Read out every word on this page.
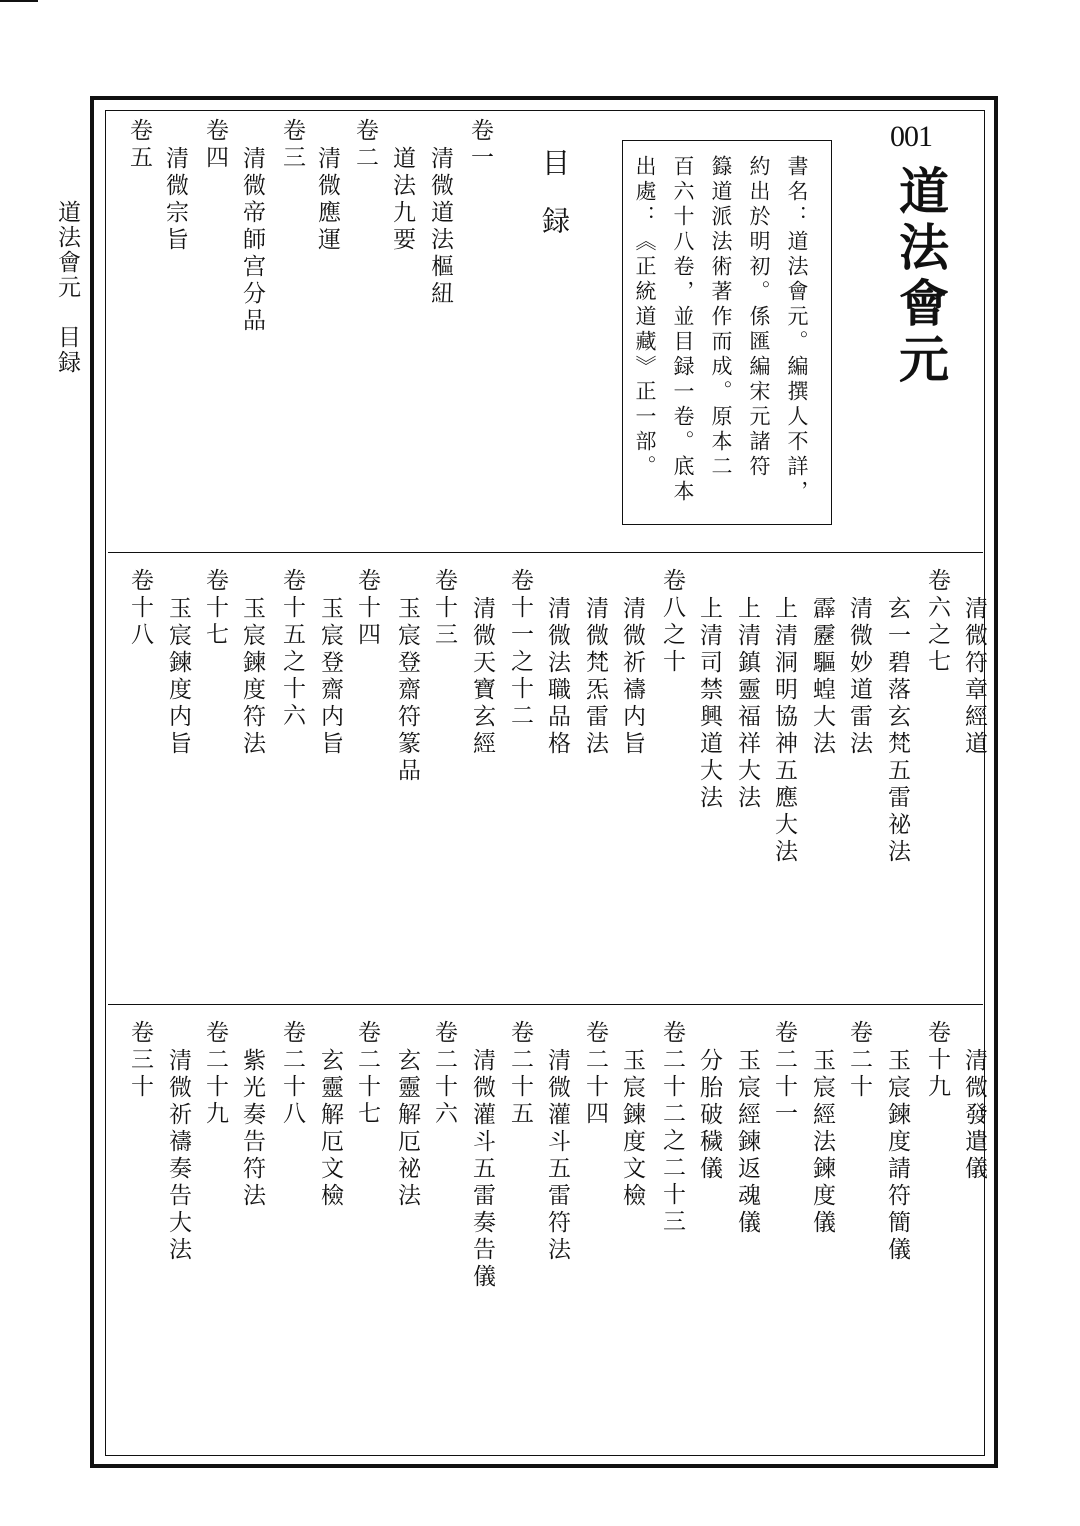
道法會元　目録
001
道法會元
書名：道法會元。編撰人不詳，
約出於明初。係匯編宋元諸符
籙道派法術著作而成。原本二
百六十八卷，並目録一卷。底本
出處：《正統道藏》正一部。
目録
卷一
清微道法樞紐
道法九要
卷二
清微應運
卷三
清微帝師宫分品
卷四
清微宗旨
卷五
清微符章經道
卷六之七
玄一碧落玄梵五雷祕法
清微妙道雷法
霹靂驅蝗大法
上清洞明協神五應大法
上清鎮靈福祥大法
上清司禁興道大法
卷八之十
清微祈禱内旨
清微梵炁雷法
清微法職品格
卷十一之十二
清微天寶玄經
卷十三
玉宸登齋符篆品
卷十四
玉宸登齋内旨
卷十五之十六
玉宸鍊度符法
卷十七
玉宸鍊度内旨
卷十八
清微發遣儀
卷十九
玉宸鍊度請符簡儀
卷二十
玉宸經法鍊度儀
卷二十一
玉宸經鍊返魂儀
分胎破穢儀
卷二十二之二十三
玉宸鍊度文檢
卷二十四
清微灌斗五雷符法
卷二十五
清微灌斗五雷奏告儀
卷二十六
玄靈解厄祕法
卷二十七
玄靈解厄文檢
卷二十八
紫光奏告符法
卷二十九
清微祈禱奏告大法
卷三十
